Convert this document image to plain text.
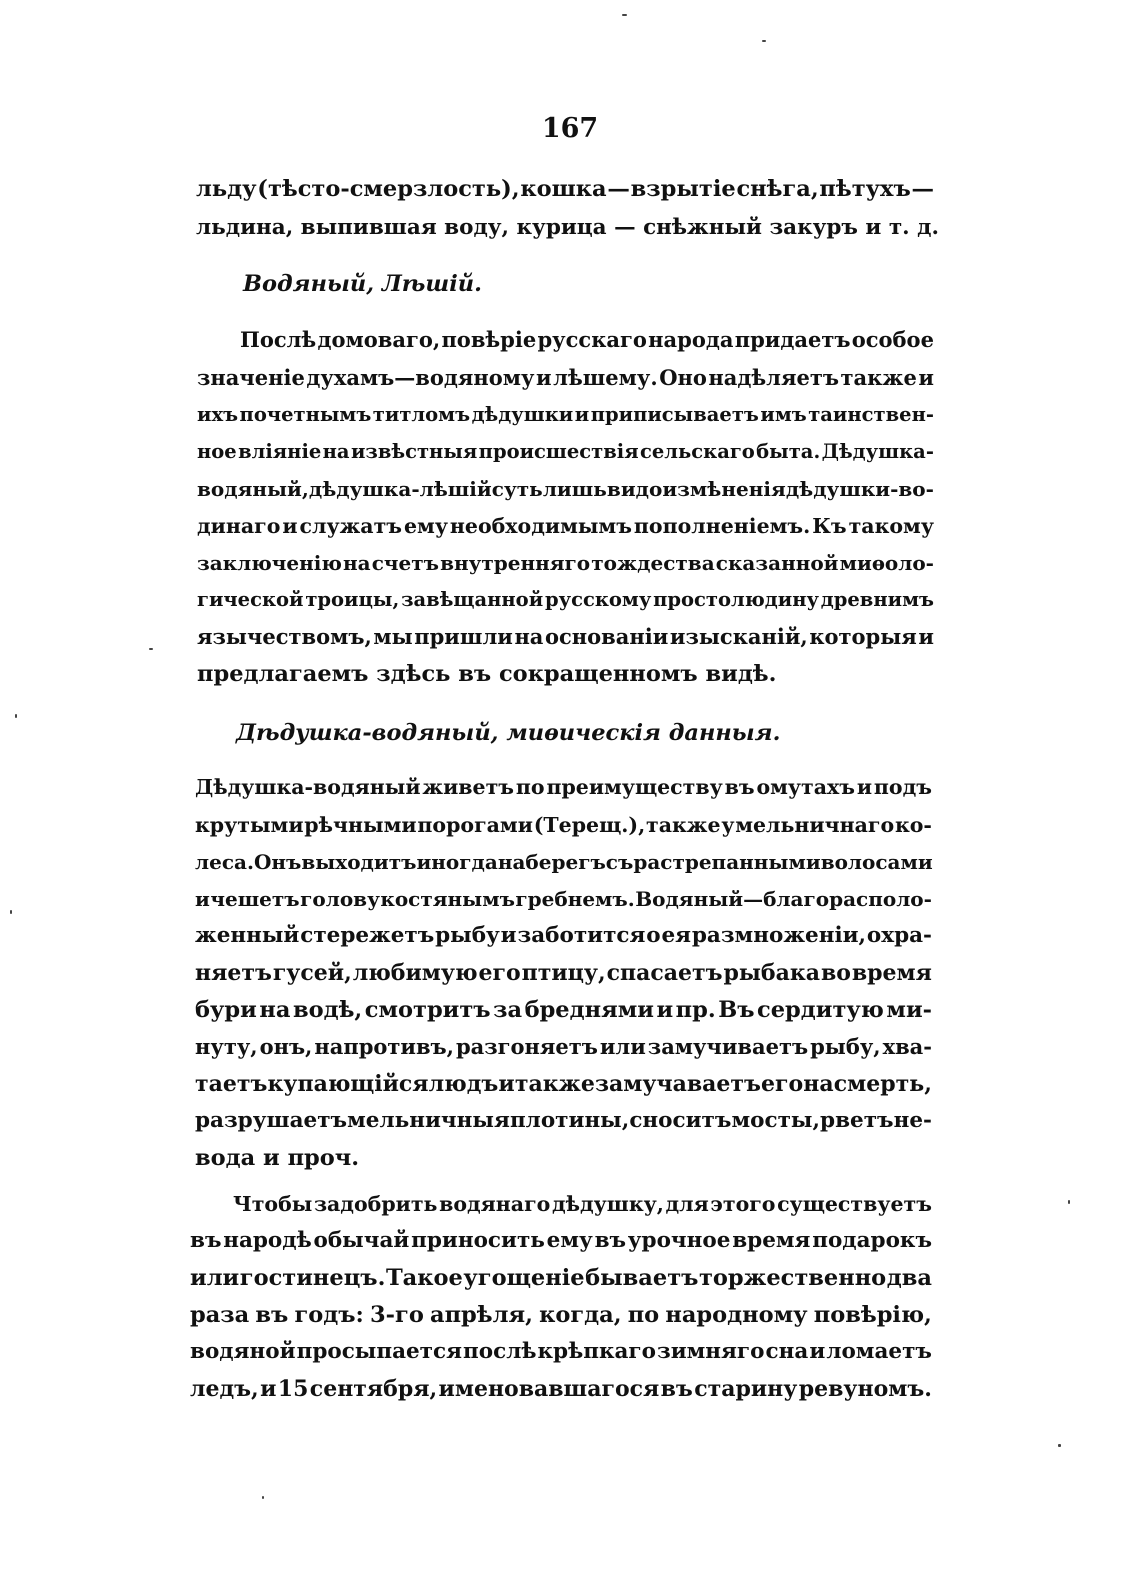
167
льду (тѣсто-смерзлость), кошка — взрытіе снѣга, пѣтухъ —
льдина, выпившая воду, курица — снѣжный закуръ и т. д.
Водяный, Лѣшій.
Послѣ домоваго, повѣріе русскаго народа придаетъ особое
значеніе духамъ—водяному и лѣшему. Оно надѣляетъ также и
ихъ почетнымъ титломъ дѣдушки и приписываетъ имъ таинствен-
ное вліяніе на извѣстныя происшествія сельскаго быта. Дѣдушка-
водяный, дѣдушка-лѣшій суть лишь видоизмѣненія дѣдушки-во-
динаго и служатъ ему необходимымъ пополненіемъ. Къ такому
заключенію на счетъ внутренняго тождества сказанной миѳоло-
гической троицы, завѣщанной русскому простолюдину древнимъ
язычествомъ, мы пришли на основаніи изысканій, которыя и
предлагаемъ здѣсь въ сокращенномъ видѣ.
Дѣдушка-водяный, миѳическія данныя.
Дѣдушка-водяный живетъ по преимуществу въ омутахъ и подъ
крутыми рѣчными порогами (Терещ.), также у мельничнаго ко-
леса. Онъ выходитъ иногда на берегъ съ растрепанными волосами
и чешетъ голову костянымъ гребнемъ. Водяный—благорасполо-
женный стережетъ рыбу и заботится о ея размноженіи, охра-
няетъ гусей, любимую его птицу, спасаетъ рыбака во время
бури на водѣ, смотритъ за бреднями и пр. Въ сердитую ми-
нуту, онъ, напротивъ, разгоняетъ или замучиваетъ рыбу, хва-
таетъ купающійся людъ и также замучаваетъ его на смерть,
разрушаетъ мельничныя плотины, сноситъ мосты, рветъ не-
вода и проч.
Чтобы задобрить водянаго дѣдушку, для этого существуетъ
въ народѣ обычай приносить ему въ урочное время подарокъ
или гостинецъ. Такое угощеніе бываетъ торжественно два
раза въ годъ: 3-го апрѣля, когда, по народному повѣрію,
водяной просыпается послѣ крѣпкаго зимняго сна и ломаетъ
ледъ, и 15 сентября, именовавшагося въ старину ревуномъ.
